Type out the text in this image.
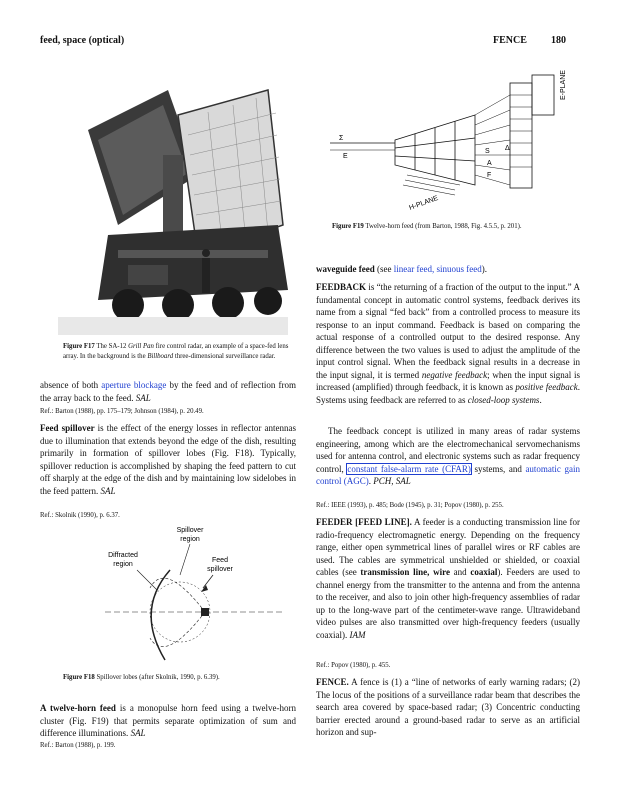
feed, space (optical)	FENCE 180
Figure F17 The SA-12 Grill Pan fire control radar, an example of a space-fed lens array. In the background is the Billboard three-dimensional surveillance radar.

absence of both aperture blockage by the feed and of reflection from the array back to the feed. SAL

Ref.: Barton (1988), pp. 175–179; Johnson (1984), p. 20.49.

Feed spillover is the effect of the energy losses in reflector antennas due to illumination that extends beyond the edge of the dish, resulting primarily in formation of spillover lobes (Fig. F18). Typically, spillover reduction is accomplished by shaping the feed pattern to cut off sharply at the edge of the dish and by maintaining low sidelobes in the feed pattern. SAL

Ref.: Skolnik (1990), p. 6.37.

Spillover
region
Diffracted
region
Feed
spillover
Figure F18 Spillover lobes (after Skolnik, 1990, p. 6.39).

A twelve-horn feed is a monopulse horn feed using a twelve-horn cluster (Fig. F19) that permits separate optimization of sum and difference illuminations. SAL

Ref.: Barton (1988), p. 199.

E-PLANE
H-PLANE
Σ
E
S
A
Δ
F
Figure F19 Twelve-horn feed (from Barton, 1988, Fig. 4.5.5, p. 201).

waveguide feed (see linear feed, sinuous feed).

FEEDBACK is “the returning of a fraction of the output to the input.” A fundamental concept in automatic control systems, feedback derives its name from a signal “fed back” from a controlled process to measure its response to an input command. Feedback is based on comparing the actual response of a controlled output to the desired response. Any difference between the two values is used to adjust the amplitude of the input control signal. When the feedback signal results in a decrease in the input signal, it is termed negative feedback; when the input signal is increased (amplified) through feedback, it is known as positive feedback. Systems using feedback are referred to as closed-loop systems.

The feedback concept is utilized in many areas of radar systems engineering, among which are the electromechanical servomechanisms used for antenna control, and electronic systems such as radar frequency control, constant false-alarm rate (CFAR) systems, and automatic gain control (AGC). PCH, SAL

Ref.: IEEE (1993), p. 485; Bode (1945), p. 31; Popov (1980), p. 255.

FEEDER [FEED LINE]. A feeder is a conducting transmission line for radio-frequency electromagnetic energy. Depending on the frequency range, either open symmetrical lines of parallel wires or RF cables are used. The cables are symmetrical unshielded or shielded, or coaxial cables (see transmission line, wire and coaxial). Feeders are used to channel energy from the transmitter to the antenna and from the antenna to the receiver, and also to join other high-frequency assemblies of radar up to the long-wave part of the centimeter-wave range. Ultrawideband video pulses are also transmitted over high-frequency feeders (usually coaxial). IAM

Ref.: Popov (1980), p. 455.

FENCE. A fence is (1) a “line of networks of early warning radars; (2) The locus of the positions of a surveillance radar beam that describes the search area covered by space-based radar; (3) Concentric conducting barrier erected around a ground-based radar to serve as an artificial horizon and sup-
